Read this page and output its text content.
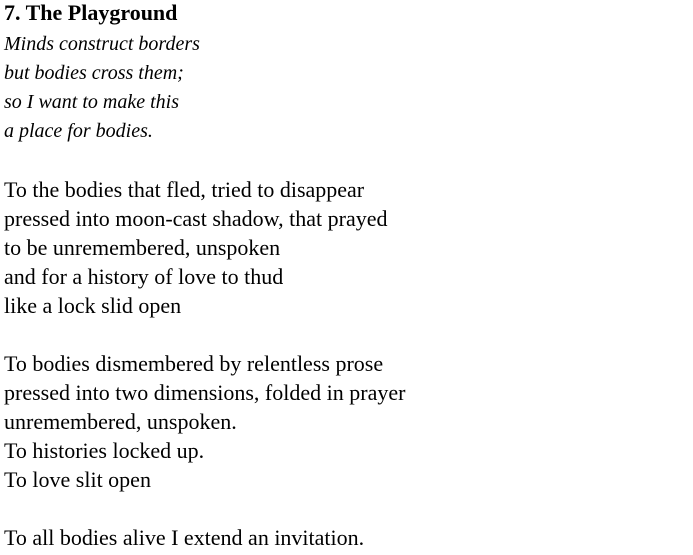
7. The Playground
Minds construct borders
but bodies cross them;
so I want to make this
a place for bodies.
To the bodies that fled, tried to disappear
pressed into moon-cast shadow, that prayed
to be unremembered, unspoken
and for a history of love to thud
like a lock slid open
To bodies dismembered by relentless prose
pressed into two dimensions, folded in prayer
unremembered, unspoken.
To histories locked up.
To love slit open
To all bodies alive I extend an invitation.
